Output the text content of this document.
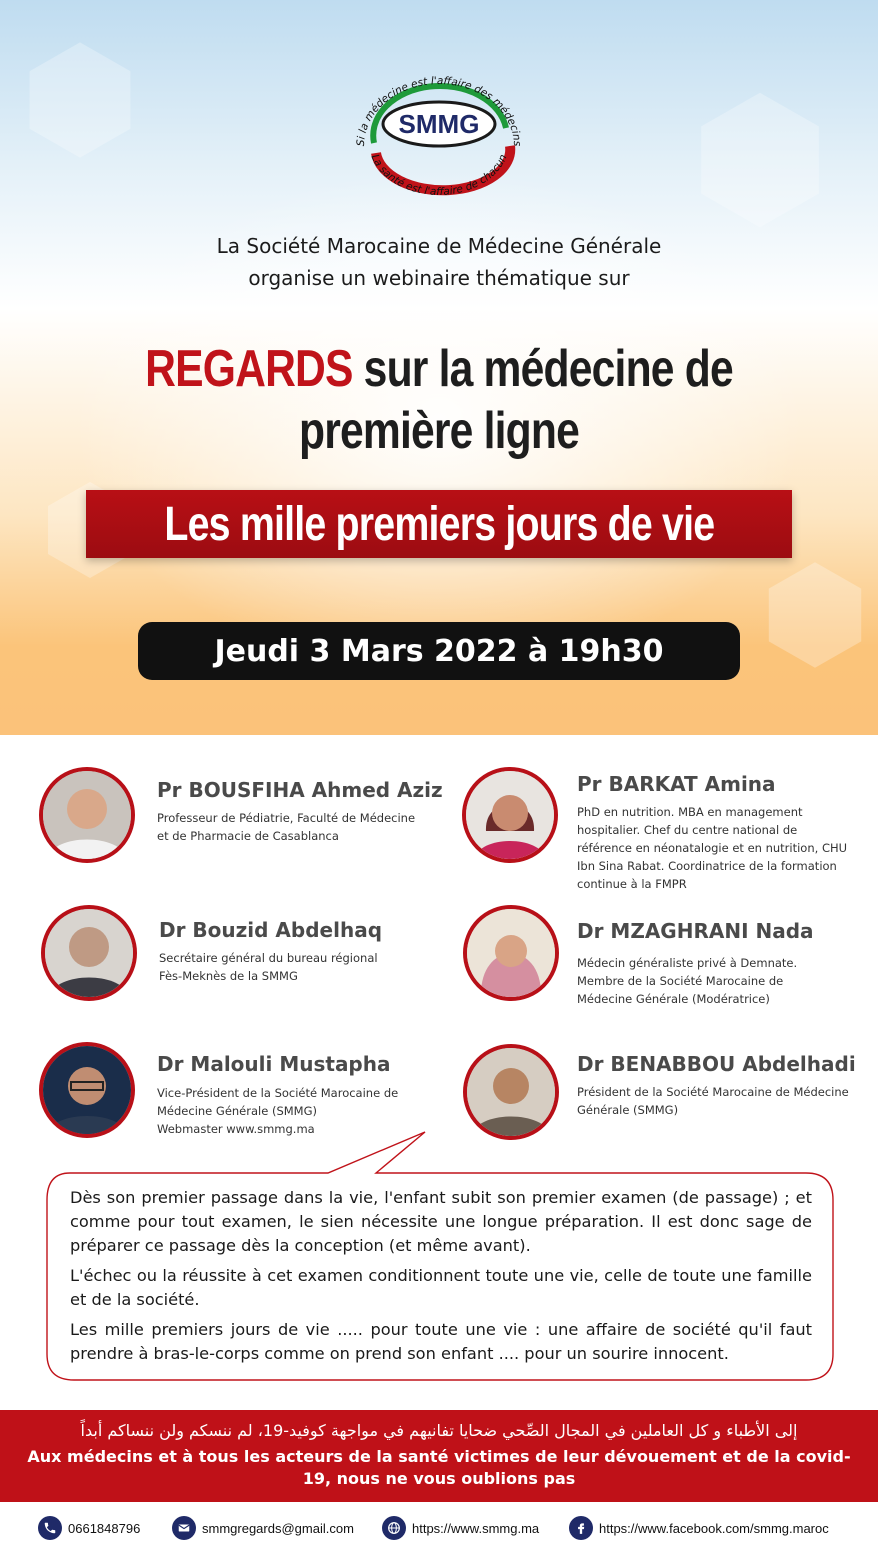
SMMG
Si la médecine est l'affaire des médecins
La santé est l'affaire de chacun
La Société Marocaine de Médecine Générale
organise un webinaire thématique sur
REGARDS sur la médecine de
première ligne
Les mille premiers jours de vie
Jeudi 3 Mars 2022 à 19h30
Pr BOUSFIHA Ahmed Aziz
Professeur de Pédiatrie, Faculté de Médecine
et de Pharmacie de Casablanca
Pr BARKAT Amina
PhD en nutrition. MBA en management
hospitalier. Chef du centre national de
référence en néonatalogie et en nutrition, CHU
Ibn Sina Rabat. Coordinatrice de la formation
continue à la FMPR
Dr Bouzid Abdelhaq
Secrétaire général du bureau régional
Fès-Meknès de la SMMG
Dr MZAGHRANI Nada
Médecin généraliste privé à Demnate.
Membre de la Société Marocaine de
Médecine Générale (Modératrice)
Dr Malouli Mustapha
Vice-Président de la Société Marocaine de
Médecine Générale (SMMG)
Webmaster www.smmg.ma
Dr BENABBOU Abdelhadi
Président de la Société Marocaine de Médecine
Générale (SMMG)

Dès son premier passage dans la vie, l'enfant subit son premier examen (de passage) ; et comme pour tout examen, le sien nécessite une longue préparation. Il est donc sage de préparer ce passage dès la conception (et même avant).

L'échec ou la réussite à cet examen conditionnent toute une vie, celle de toute une famille et de la société.

Les mille premiers jours de vie ..... pour toute une vie : une affaire de société qu'il faut prendre à bras-le-corps comme on prend son enfant .... pour un sourire innocent.

إلى الأطباء و كل العاملين في المجال الصِّحي ضحايا تفانيهم في مواجهة كوفيد-19، لم ننسكم ولن ننساكم أبداً
Aux médecins et à tous les acteurs de la santé victimes de leur dévouement et de la covid-19, nous ne vous oublions pas
0661848796	smmgregards@gmail.com	https://www.smmg.ma	https://www.facebook.com/smmg.maroc
